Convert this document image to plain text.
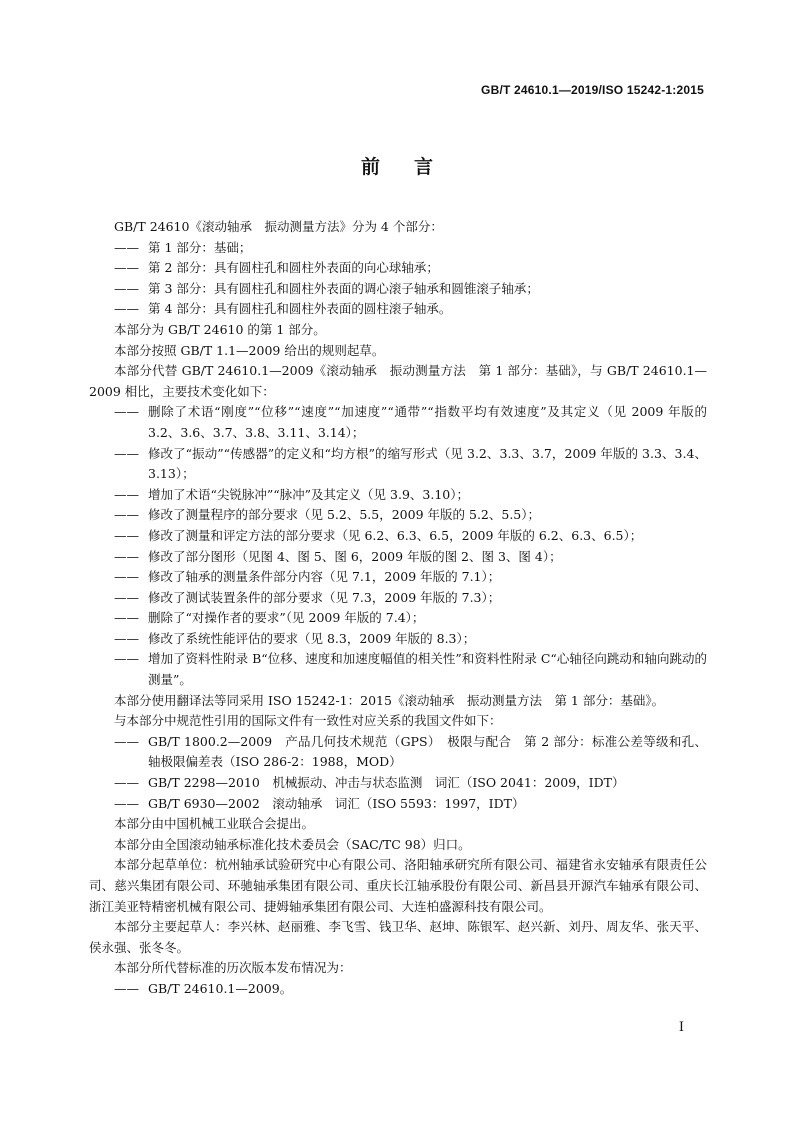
GB/T 24610.1—2019/ISO 15242-1:2015
前言

GB/T 24610《滚动轴承　振动测量方法》分为 4 个部分：

—— 第 1 部分：基础；
—— 第 2 部分：具有圆柱孔和圆柱外表面的向心球轴承；
—— 第 3 部分：具有圆柱孔和圆柱外表面的调心滚子轴承和圆锥滚子轴承；
—— 第 4 部分：具有圆柱孔和圆柱外表面的圆柱滚子轴承。

本部分为 GB/T 24610 的第 1 部分。

本部分按照 GB/T 1.1—2009 给出的规则起草。

本部分代替 GB/T 24610.1—2009《滚动轴承　振动测量方法　第 1 部分：基础》，与 GB/T 24610.1—2009 相比，主要技术变化如下：

—— 删除了术语“刚度”“位移”“速度”“加速度”“通带”“指数平均有效速度”及其定义（见 2009 年版的 3.2、3.6、3.7、3.8、3.11、3.14）；
—— 修改了“振动”“传感器”的定义和“均方根”的缩写形式（见 3.2、3.3、3.7，2009 年版的 3.3、3.4、3.13）；
—— 增加了术语“尖锐脉冲”“脉冲”及其定义（见 3.9、3.10）；
—— 修改了测量程序的部分要求（见 5.2、5.5，2009 年版的 5.2、5.5）；
—— 修改了测量和评定方法的部分要求（见 6.2、6.3、6.5，2009 年版的 6.2、6.3、6.5）；
—— 修改了部分图形（见图 4、图 5、图 6，2009 年版的图 2、图 3、图 4）；
—— 修改了轴承的测量条件部分内容（见 7.1，2009 年版的 7.1）；
—— 修改了测试装置条件的部分要求（见 7.3，2009 年版的 7.3）；
—— 删除了“对操作者的要求”（见 2009 年版的 7.4）；
—— 修改了系统性能评估的要求（见 8.3，2009 年版的 8.3）；
—— 增加了资料性附录 B“位移、速度和加速度幅值的相关性”和资料性附录 C“心轴径向跳动和轴向跳动的测量”。

本部分使用翻译法等同采用 ISO 15242-1：2015《滚动轴承　振动测量方法　第 1 部分：基础》。

与本部分中规范性引用的国际文件有一致性对应关系的我国文件如下：

—— GB/T 1800.2—2009　产品几何技术规范（GPS）　极限与配合　第 2 部分：标准公差等级和孔、轴极限偏差表（ISO 286-2：1988，MOD）
—— GB/T 2298—2010　机械振动、冲击与状态监测　词汇（ISO 2041：2009，IDT）
—— GB/T 6930—2002　滚动轴承　词汇（ISO 5593：1997，IDT）

本部分由中国机械工业联合会提出。

本部分由全国滚动轴承标准化技术委员会（SAC/TC 98）归口。

本部分起草单位：杭州轴承试验研究中心有限公司、洛阳轴承研究所有限公司、福建省永安轴承有限责任公司、慈兴集团有限公司、环驰轴承集团有限公司、重庆长江轴承股份有限公司、新昌县开源汽车轴承有限公司、浙江美亚特精密机械有限公司、捷姆轴承集团有限公司、大连柏盛源科技有限公司。

本部分主要起草人：李兴林、赵丽雅、李飞雪、钱卫华、赵坤、陈银军、赵兴新、刘丹、周友华、张天平、侯永强、张冬冬。

本部分所代替标准的历次版本发布情况为：

—— GB/T 24610.1—2009。
I
